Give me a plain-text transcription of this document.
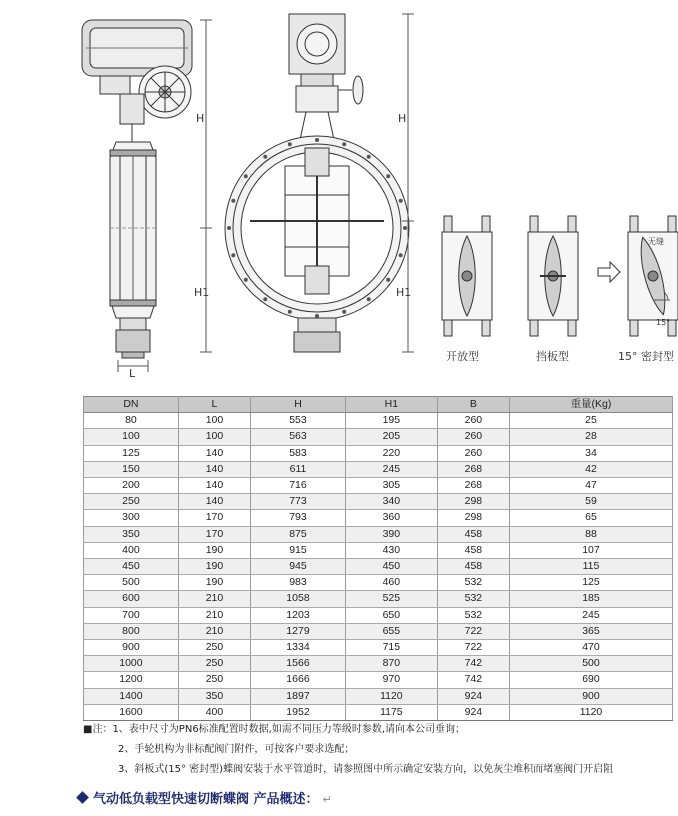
H
H1
L
H
H1
开放型	挡板型	15° 密封型
无缝
15°
DN	L	H	H1	B	重量(Kg)
80	100	553	195	260	25
100	100	563	205	260	28
125	140	583	220	260	34
150	140	611	245	268	42
200	140	716	305	268	47
250	140	773	340	298	59
300	170	793	360	298	65
350	170	875	390	458	88
400	190	915	430	458	107
450	190	945	450	458	115
500	190	983	460	532	125
600	210	1058	525	532	185
700	210	1203	650	532	245
800	210	1279	655	722	365
900	250	1334	715	722	470
1000	250	1566	870	742	500
1200	250	1666	970	742	690
1400	350	1897	1120	924	900
1600	400	1952	1175	924	1120
■注：1、表中尺寸为PN6标准配置时数据,如需不同压力等级时参数,请向本公司垂询；
2、手轮机构为非标配阀门附件，可按客户要求选配；
3、斜板式(15° 密封型)蝶阀安装于水平管道时，请参照图中所示确定安装方向，以免灰尘堆积而堵塞阀门开启阻
气动低负载型快速切断蝶阀 产品概述： ↵
